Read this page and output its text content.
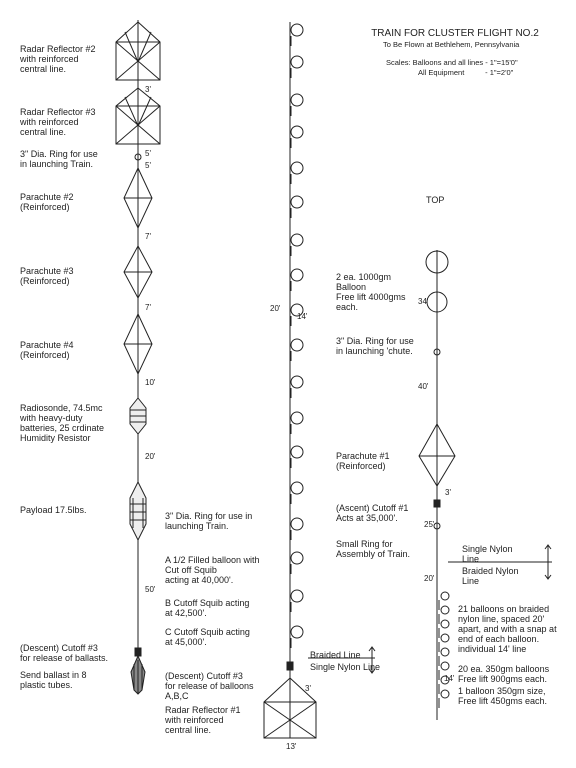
TRAIN FOR CLUSTER FLIGHT NO.2
To Be Flown at Bethlehem, Pennsylvania
Scales: Balloons and all lines - 1"=15'0"
All Equipment          - 1"=2'0"
Radar Reflector #2
with reinforced
central line.
Radar Reflector #3
with reinforced
central line.
3" Dia. Ring for use
in launching Train.
Parachute #2
(Reinforced)
Parachute #3
(Reinforced)
Parachute #4
(Reinforced)
Radiosonde, 74.5mc
with heavy-duty
batteries, 25 crdinate
Humidity Resistor
Payload 17.5lbs.
(Descent) Cutoff #3
for release of ballasts.
Send ballast in 8
plastic tubes.
3'
5'
5'
7'
7'
10'
20'
50'
20'
14'
3" Dia. Ring for use in
launching Train.
A 1/2 Filled balloon with
Cut off Squib
acting at 40,000'.
B Cutoff Squib acting
at 42,500'.
C Cutoff Squib acting
at 45,000'.
Braided Line
Single Nylon Line
(Descent) Cutoff #3
for release of balloons
A,B,C
3'
Radar Reflector #1
with reinforced
central line.
13'
TOP
2 ea. 1000gm
Balloon
Free lift 4000gms
each.
34'
3" Dia. Ring for use
in launching 'chute.
40'
Parachute #1
(Reinforced)
3'
(Ascent) Cutoff #1
Acts at 35,000'.
25'
Small Ring for
Assembly of Train.	Single Nylon
Line
Braided Nylon
Line
20'
21 balloons on braided
nylon line, spaced 20'
apart, and with a snap at
end of each balloon.
individual 14' line
20 ea. 350gm balloons
Free lift 900gms each.
14'
1 balloon 350gm size,
Free lift 450gms each.
